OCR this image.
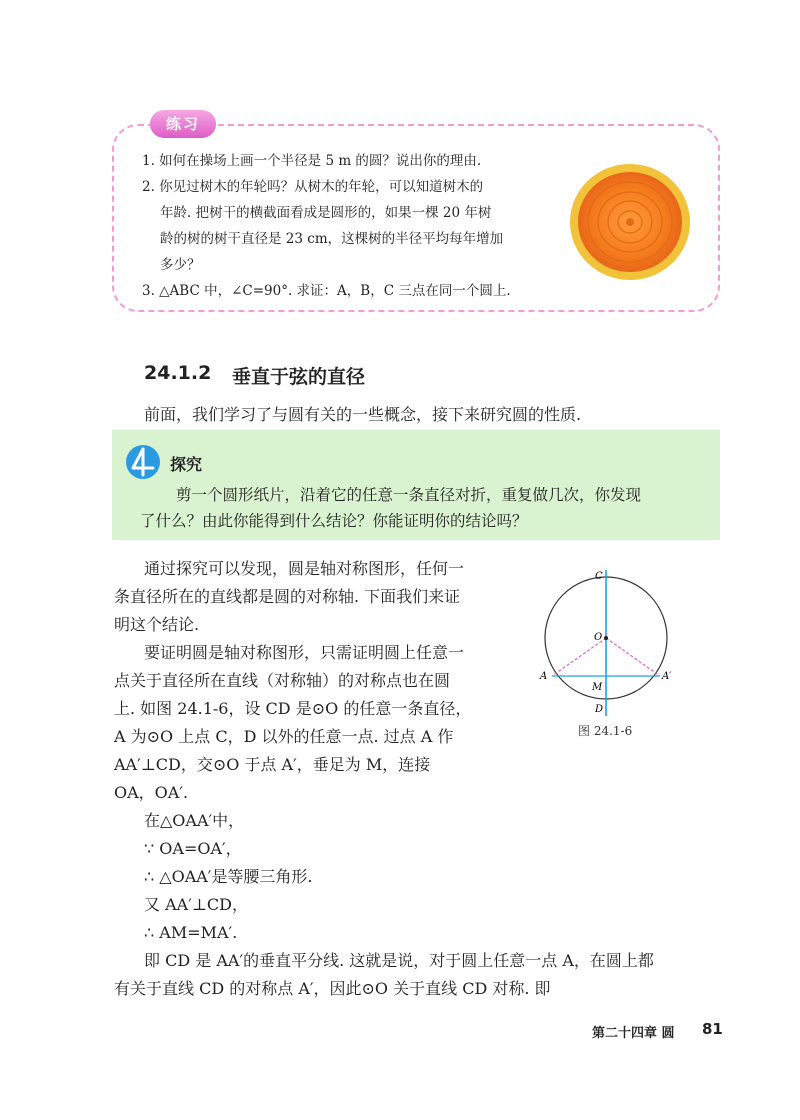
练习
1. 如何在操场上画一个半径是 5 m 的圆？说出你的理由.
2. 你见过树木的年轮吗？从树木的年轮，可以知道树木的
年龄. 把树干的横截面看成是圆形的，如果一棵 20 年树
龄的树的树干直径是 23 cm，这棵树的半径平均每年增加
多少？
3. △ABC 中，∠C=90°. 求证：A，B，C 三点在同一个圆上.
24.1.2 垂直于弦的直径
前面，我们学习了与圆有关的一些概念，接下来研究圆的性质.
探究
剪一个圆形纸片，沿着它的任意一条直径对折，重复做几次，你发现
了什么？由此你能得到什么结论？你能证明你的结论吗？
通过探究可以发现，圆是轴对称图形，任何一
条直径所在的直线都是圆的对称轴. 下面我们来证
明这个结论.
要证明圆是轴对称图形，只需证明圆上任意一
点关于直径所在直线（对称轴）的对称点也在圆
上. 如图 24.1-6，设 CD 是⊙O 的任意一条直径，
A 为⊙O 上点 C，D 以外的任意一点. 过点 A 作
AA′⊥CD，交⊙O 于点 A′，垂足为 M，连接
OA，OA′.
在△OAA′中，
∵ OA=OA′，
∴ △OAA′是等腰三角形.
又 AA′⊥CD，
∴ AM=MA′.
即 CD 是 AA′的垂直平分线. 这就是说，对于圆上任意一点 A，在圆上都
有关于直线 CD 的对称点 A′，因此⊙O 关于直线 CD 对称. 即
C
O
A
M
A′
D
图 24.1-6
第二十四章 圆 81
